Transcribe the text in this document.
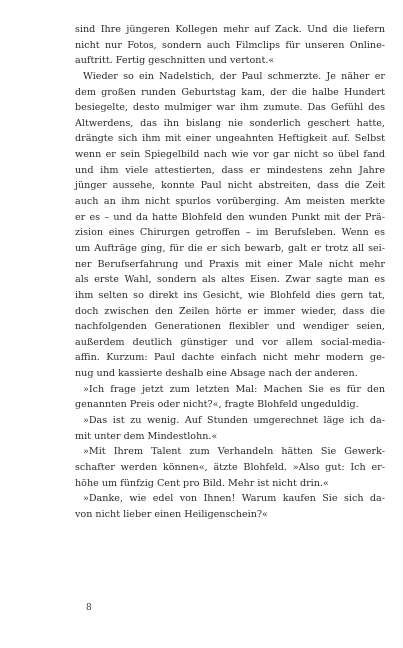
sind Ihre jüngeren Kollegen mehr auf Zack. Und die liefern
nicht nur Fotos, sondern auch Filmclips für unseren Online-
auftritt. Fertig geschnitten und vertont.«
Wieder so ein Nadelstich, der Paul schmerzte. Je näher er
dem großen runden Geburtstag kam, der die halbe Hundert
besiegelte, desto mulmiger war ihm zumute. Das Gefühl des
Altwerdens, das ihn bislang nie sonderlich geschert hatte,
drängte sich ihm mit einer ungeahnten Heftigkeit auf. Selbst
wenn er sein Spiegelbild nach wie vor gar nicht so übel fand
und ihm viele attestierten, dass er mindestens zehn Jahre
jünger aussehe, konnte Paul nicht abstreiten, dass die Zeit
auch an ihm nicht spurlos vorüberging. Am meisten merkte
er es – und da hatte Blohfeld den wunden Punkt mit der Prä-
zision eines Chirurgen getroffen – im Berufsleben. Wenn es
um Aufträge ging, für die er sich bewarb, galt er trotz all sei-
ner Berufserfahrung und Praxis mit einer Male nicht mehr
als erste Wahl, sondern als altes Eisen. Zwar sagte man es
ihm selten so direkt ins Gesicht, wie Blohfeld dies gern tat,
doch zwischen den Zeilen hörte er immer wieder, dass die
nachfolgenden Generationen flexibler und wendiger seien,
außerdem deutlich günstiger und vor allem social-media-
affin. Kurzum: Paul dachte einfach nicht mehr modern ge-
nug und kassierte deshalb eine Absage nach der anderen.
»Ich frage jetzt zum letzten Mal: Machen Sie es für den
genannten Preis oder nicht?«, fragte Blohfeld ungeduldig.
»Das ist zu wenig. Auf Stunden umgerechnet läge ich da-
mit unter dem Mindestlohn.«
»Mit Ihrem Talent zum Verhandeln hätten Sie Gewerk-
schafter werden können«, ätzte Blohfeld. »Also gut: Ich er-
höhe um fünfzig Cent pro Bild. Mehr ist nicht drin.«
»Danke, wie edel von Ihnen! Warum kaufen Sie sich da-
von nicht lieber einen Heiligenschein?«
8
